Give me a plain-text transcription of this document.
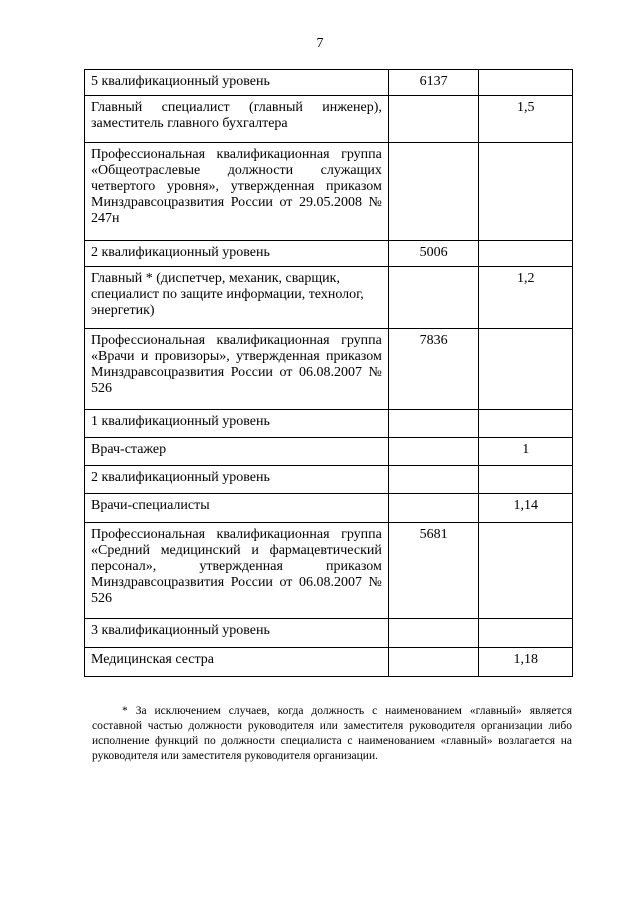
7
5 квалификационный уровень	6137	
Главный специалист (главный инженер), заместитель главного бухгалтера		1,5
Профессиональная квалификационная группа «Общеотраслевые должности служащих четвертого уровня», утвержденная приказом Минздравсоцразвития России от 29.05.2008 № 247н		
2 квалификационный уровень	5006	
Главный * (диспетчер, механик, сварщик, специалист по защите информации, технолог, энергетик)		1,2
Профессиональная квалификационная группа «Врачи и провизоры», утвержденная приказом Минздравсоцразвития России от 06.08.2007 № 526	7836	
1 квалификационный уровень		
Врач-стажер		1
2 квалификационный уровень		
Врачи-специалисты		1,14
Профессиональная квалификационная группа «Средний медицинский и фармацевтический персонал», утвержденная приказом Минздравсоцразвития России от 06.08.2007 № 526	5681	
3 квалификационный уровень		
Медицинская сестра		1,18
* За исключением случаев, когда должность с наименованием «главный» является составной частью должности руководителя или заместителя руководителя организации либо исполнение функций по должности специалиста с наименованием «главный» возлагается на руководителя или заместителя руководителя организации.
